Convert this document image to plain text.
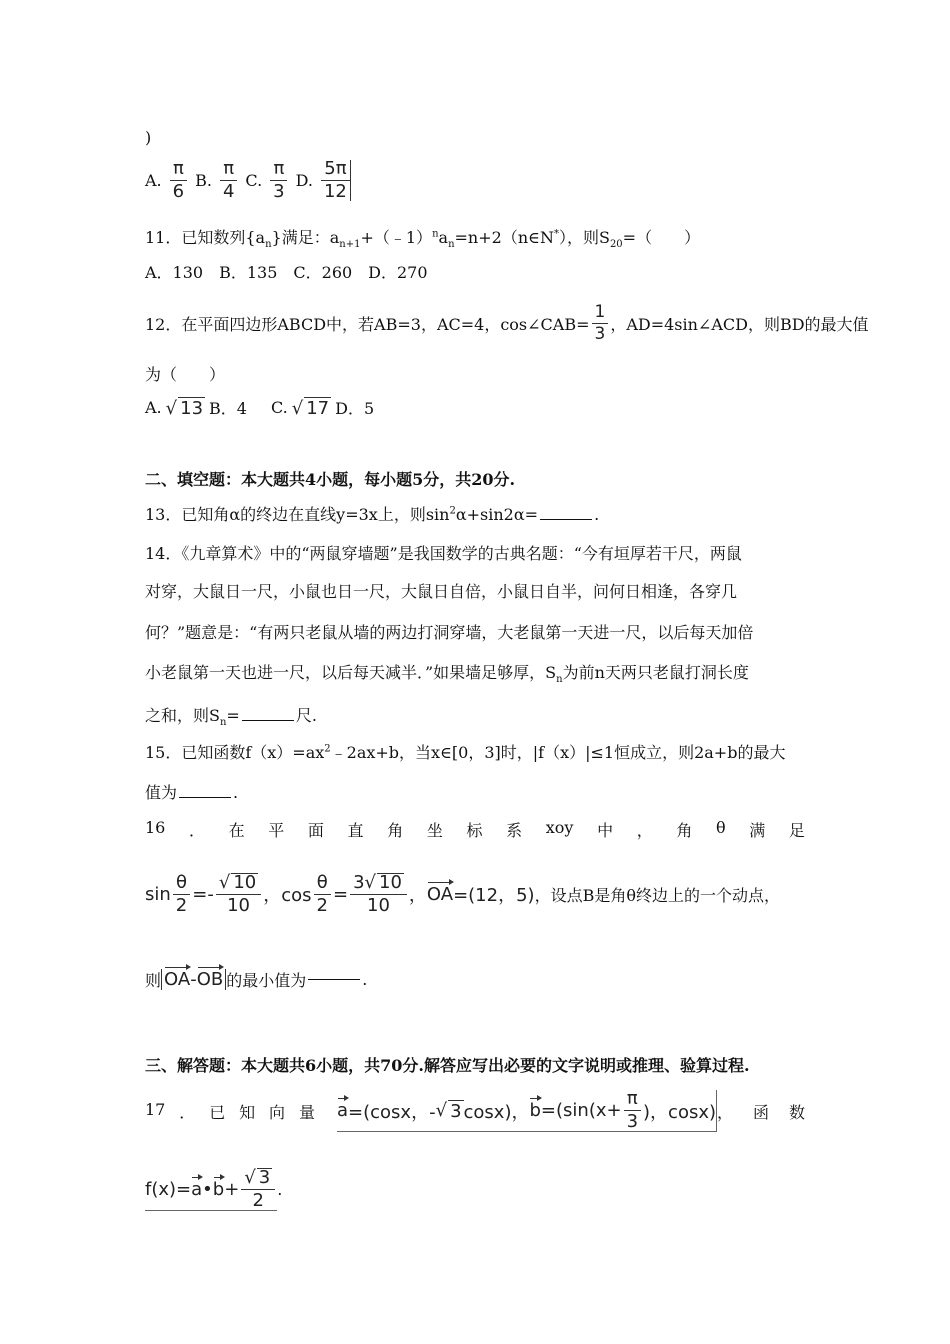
)
A. $\frac{\pi}{6} B$. $\frac{\pi}{4} C$. $\frac{\pi}{3} D$. $\frac{5\pi}{12}$
11．已知数列$\{a_n\}$满足：$a_{n+1}+(﹣1)^na_n=n+2(n\in N^*)$，则$S_{20}=$（　　）
A．130　B．135　C．260　D．270
12．在平面四边形ABCD中，若AB=3，AC=4，cos∠CAB= $\frac{1}{3}$ ，AD=4sin∠ACD，则BD的最大值
为（　　）
A. √ 13 B．4 C. √ 17 D．5
二、填空题：本大题共4小题，每小题5分，共20分.
13．已知角α的终边在直线y=3x上，则$\sin^2\alpha+\sin 2\alpha=$	.
14．《九章算术》中的“两鼠穿墙题”是我国数学的古典名题：“今有垣厚若干尺，两鼠
对穿，大鼠日一尺，小鼠也日一尺，大鼠日自倍，小鼠日自半，问何日相逢，各穿几
何？”题意是：“有两只老鼠从墙的两边打洞穿墙，大老鼠第一天进一尺，以后每天加倍
小老鼠第一天也进一尺，以后每天减半．”如果墙足够厚，$S_n$为前n天两只老鼠打洞长度
之和，则$S_n=$	尺.
15．已知函数$f(x)=ax^2﹣2ax+b$，当x∈[0，3]时，|f（x）|≤1恒成立，则2a+b的最大
值为	.
16 ． 在 平 面 直 角 坐 标 系 xoy 中 ， 角 θ 满 足
$\sin \frac{\theta}{2} =- \frac{√ 10}{10}$ ，$\cos \frac{\theta}{2} = \frac{3√ 10}{10}$ ， OA =(12，5) ，设点B是角θ终边上的一个动点，
则 OA-OB 的最小值为	.
三、解答题：本大题共6小题，共70分.解答应写出必要的文字说明或推理、验算过程.
17 ． 已 知 向 量 a =(cosx，- √ 3 cosx)， $b =(\sin(x+ \frac{\pi}{3}$ )，cosx) ， 函 数
f(x)= a • $b + \frac{√ 3}{2}$ .
